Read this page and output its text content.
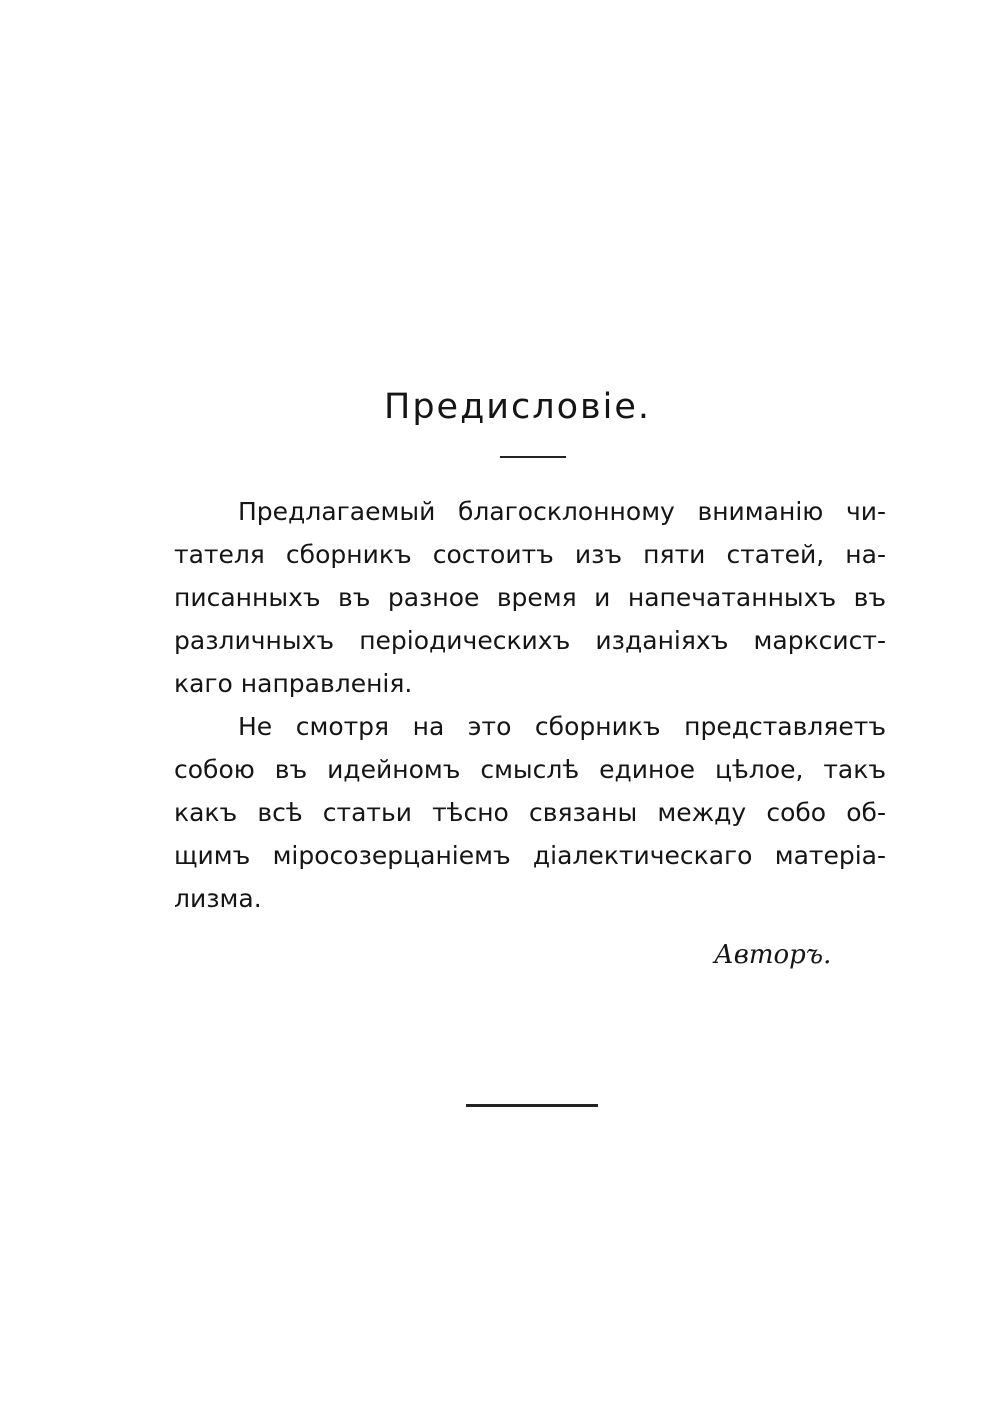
Предисловіе.
Предлагаемый благосклонному вниманію чи-
тателя сборникъ состоитъ изъ пяти статей, на-
писанныхъ въ разное время и напечатанныхъ въ
различныхъ періодическихъ изданіяхъ марксист-
каго направленія.
Не смотря на это сборникъ представляетъ
собою въ идейномъ смыслѣ единое цѣлое, такъ
какъ всѣ статьи тѣсно связаны между собо об-
щимъ міросозерцаніемъ діалектическаго матеріа-
лизма.
Авторъ.
